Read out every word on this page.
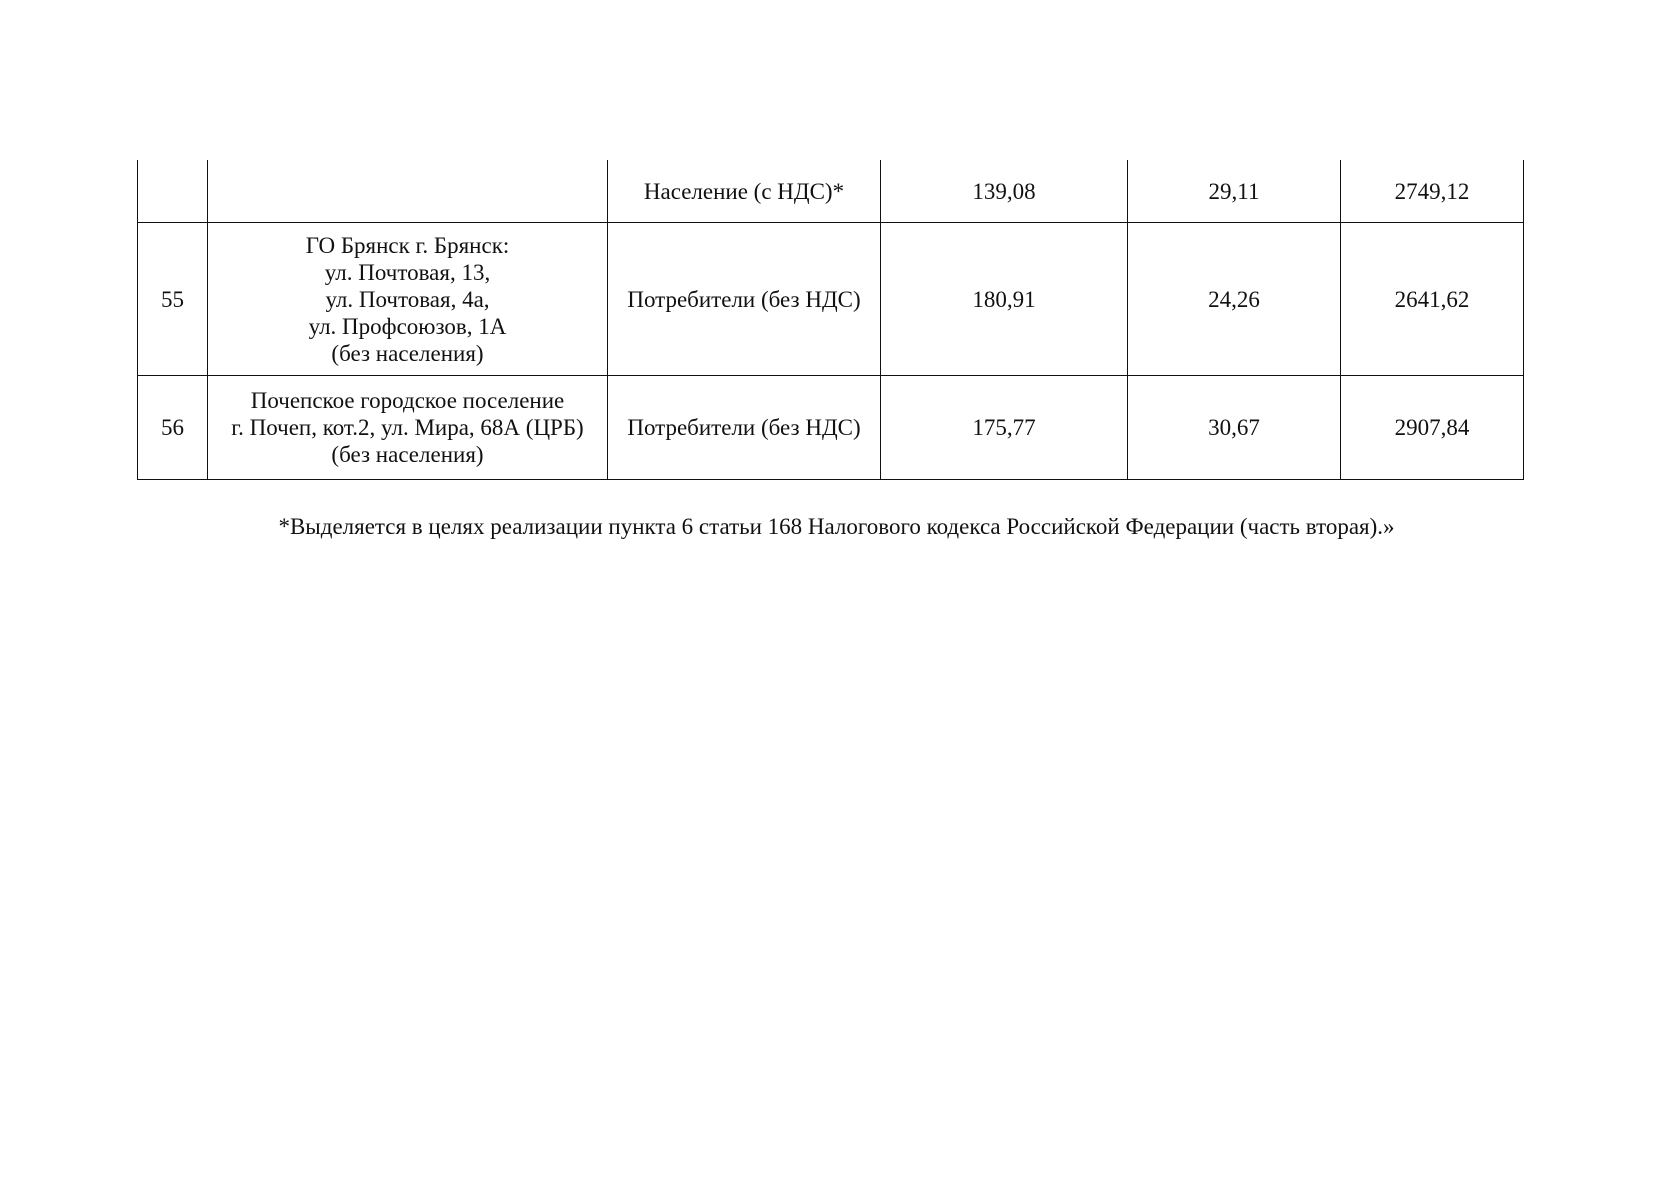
		Население (с НДС)*	139,08	29,11	2749,12
55	ГО Брянск г. Брянск:
ул. Почтовая, 13,
ул. Почтовая, 4а,
ул. Профсоюзов, 1А
(без населения)	Потребители (без НДС)	180,91	24,26	2641,62
56	Почепское городское поселение
г. Почеп, кот.2, ул. Мира, 68А (ЦРБ)
(без населения)	Потребители (без НДС)	175,77	30,67	2907,84
*Выделяется в целях реализации пункта 6 статьи 168 Налогового кодекса Российской Федерации (часть вторая).»
